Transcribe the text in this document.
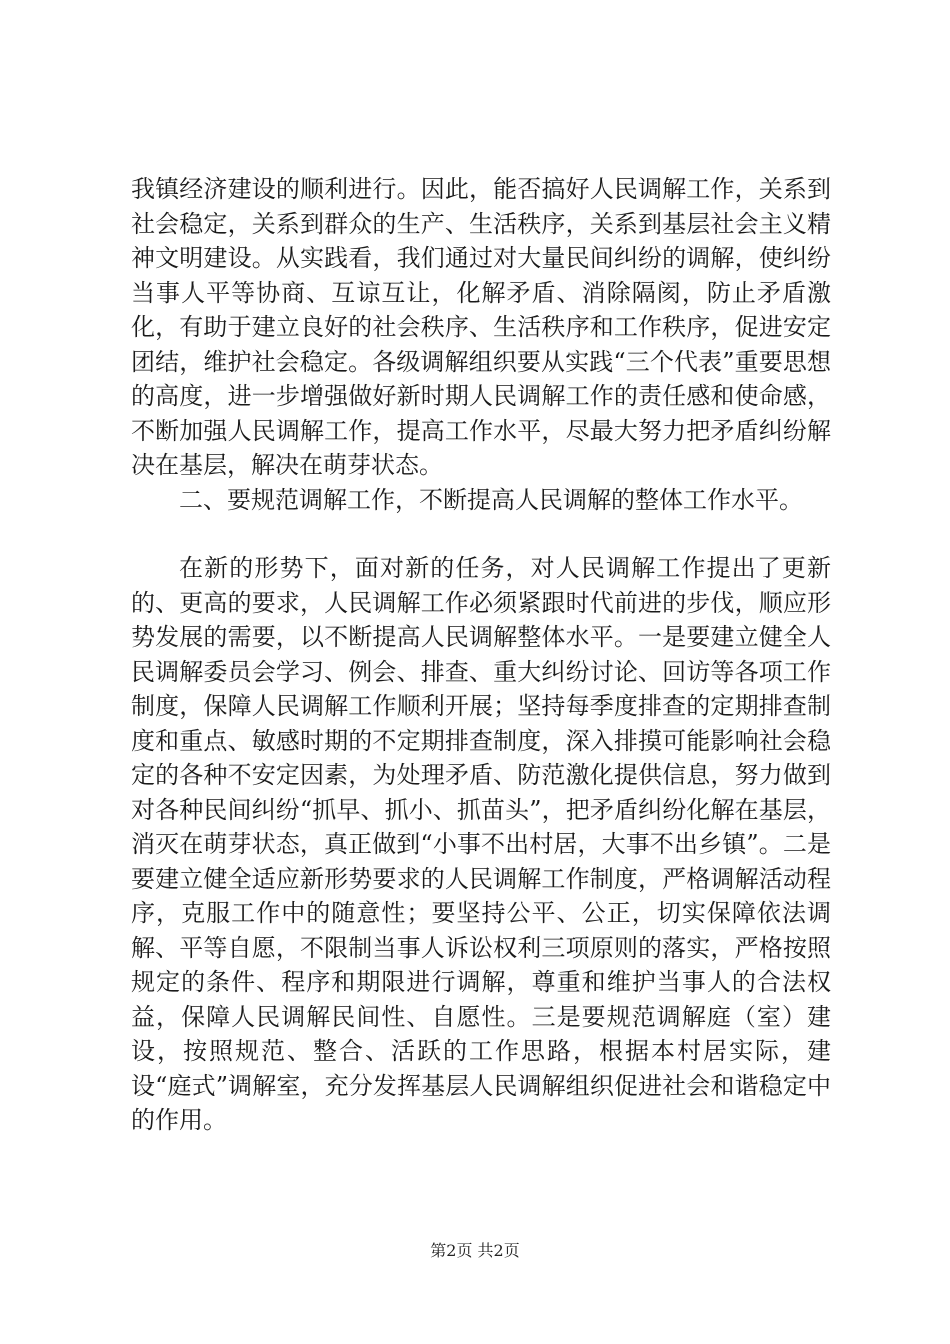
我镇经济建设的顺利进行。因此，能否搞好人民调解工作，关系到社会稳定，关系到群众的生产、生活秩序，关系到基层社会主义精神文明建设。从实践看，我们通过对大量民间纠纷的调解，使纠纷当事人平等协商、互谅互让，化解矛盾、消除隔阂，防止矛盾激化，有助于建立良好的社会秩序、生活秩序和工作秩序，促进安定团结，维护社会稳定。各级调解组织要从实践“三个代表”重要思想的高度，进一步增强做好新时期人民调解工作的责任感和使命感，不断加强人民调解工作，提高工作水平，尽最大努力把矛盾纠纷解决在基层，解决在萌芽状态。

二、要规范调解工作，不断提高人民调解的整体工作水平。

在新的形势下，面对新的任务，对人民调解工作提出了更新的、更高的要求，人民调解工作必须紧跟时代前进的步伐，顺应形势发展的需要，以不断提高人民调解整体水平。一是要建立健全人民调解委员会学习、例会、排查、重大纠纷讨论、回访等各项工作制度，保障人民调解工作顺利开展；坚持每季度排查的定期排查制度和重点、敏感时期的不定期排查制度，深入排摸可能影响社会稳定的各种不安定因素，为处理矛盾、防范激化提供信息，努力做到对各种民间纠纷“抓早、抓小、抓苗头”，把矛盾纠纷化解在基层，消灭在萌芽状态，真正做到“小事不出村居，大事不出乡镇”。二是要建立健全适应新形势要求的人民调解工作制度，严格调解活动程序，克服工作中的随意性；要坚持公平、公正，切实保障依法调解、平等自愿，不限制当事人诉讼权利三项原则的落实，严格按照规定的条件、程序和期限进行调解，尊重和维护当事人的合法权益，保障人民调解民间性、自愿性。三是要规范调解庭（室）建设，按照规范、整合、活跃的工作思路，根据本村居实际，建设“庭式”调解室，充分发挥基层人民调解组织促进社会和谐稳定中的作用。

第2页 共2页
